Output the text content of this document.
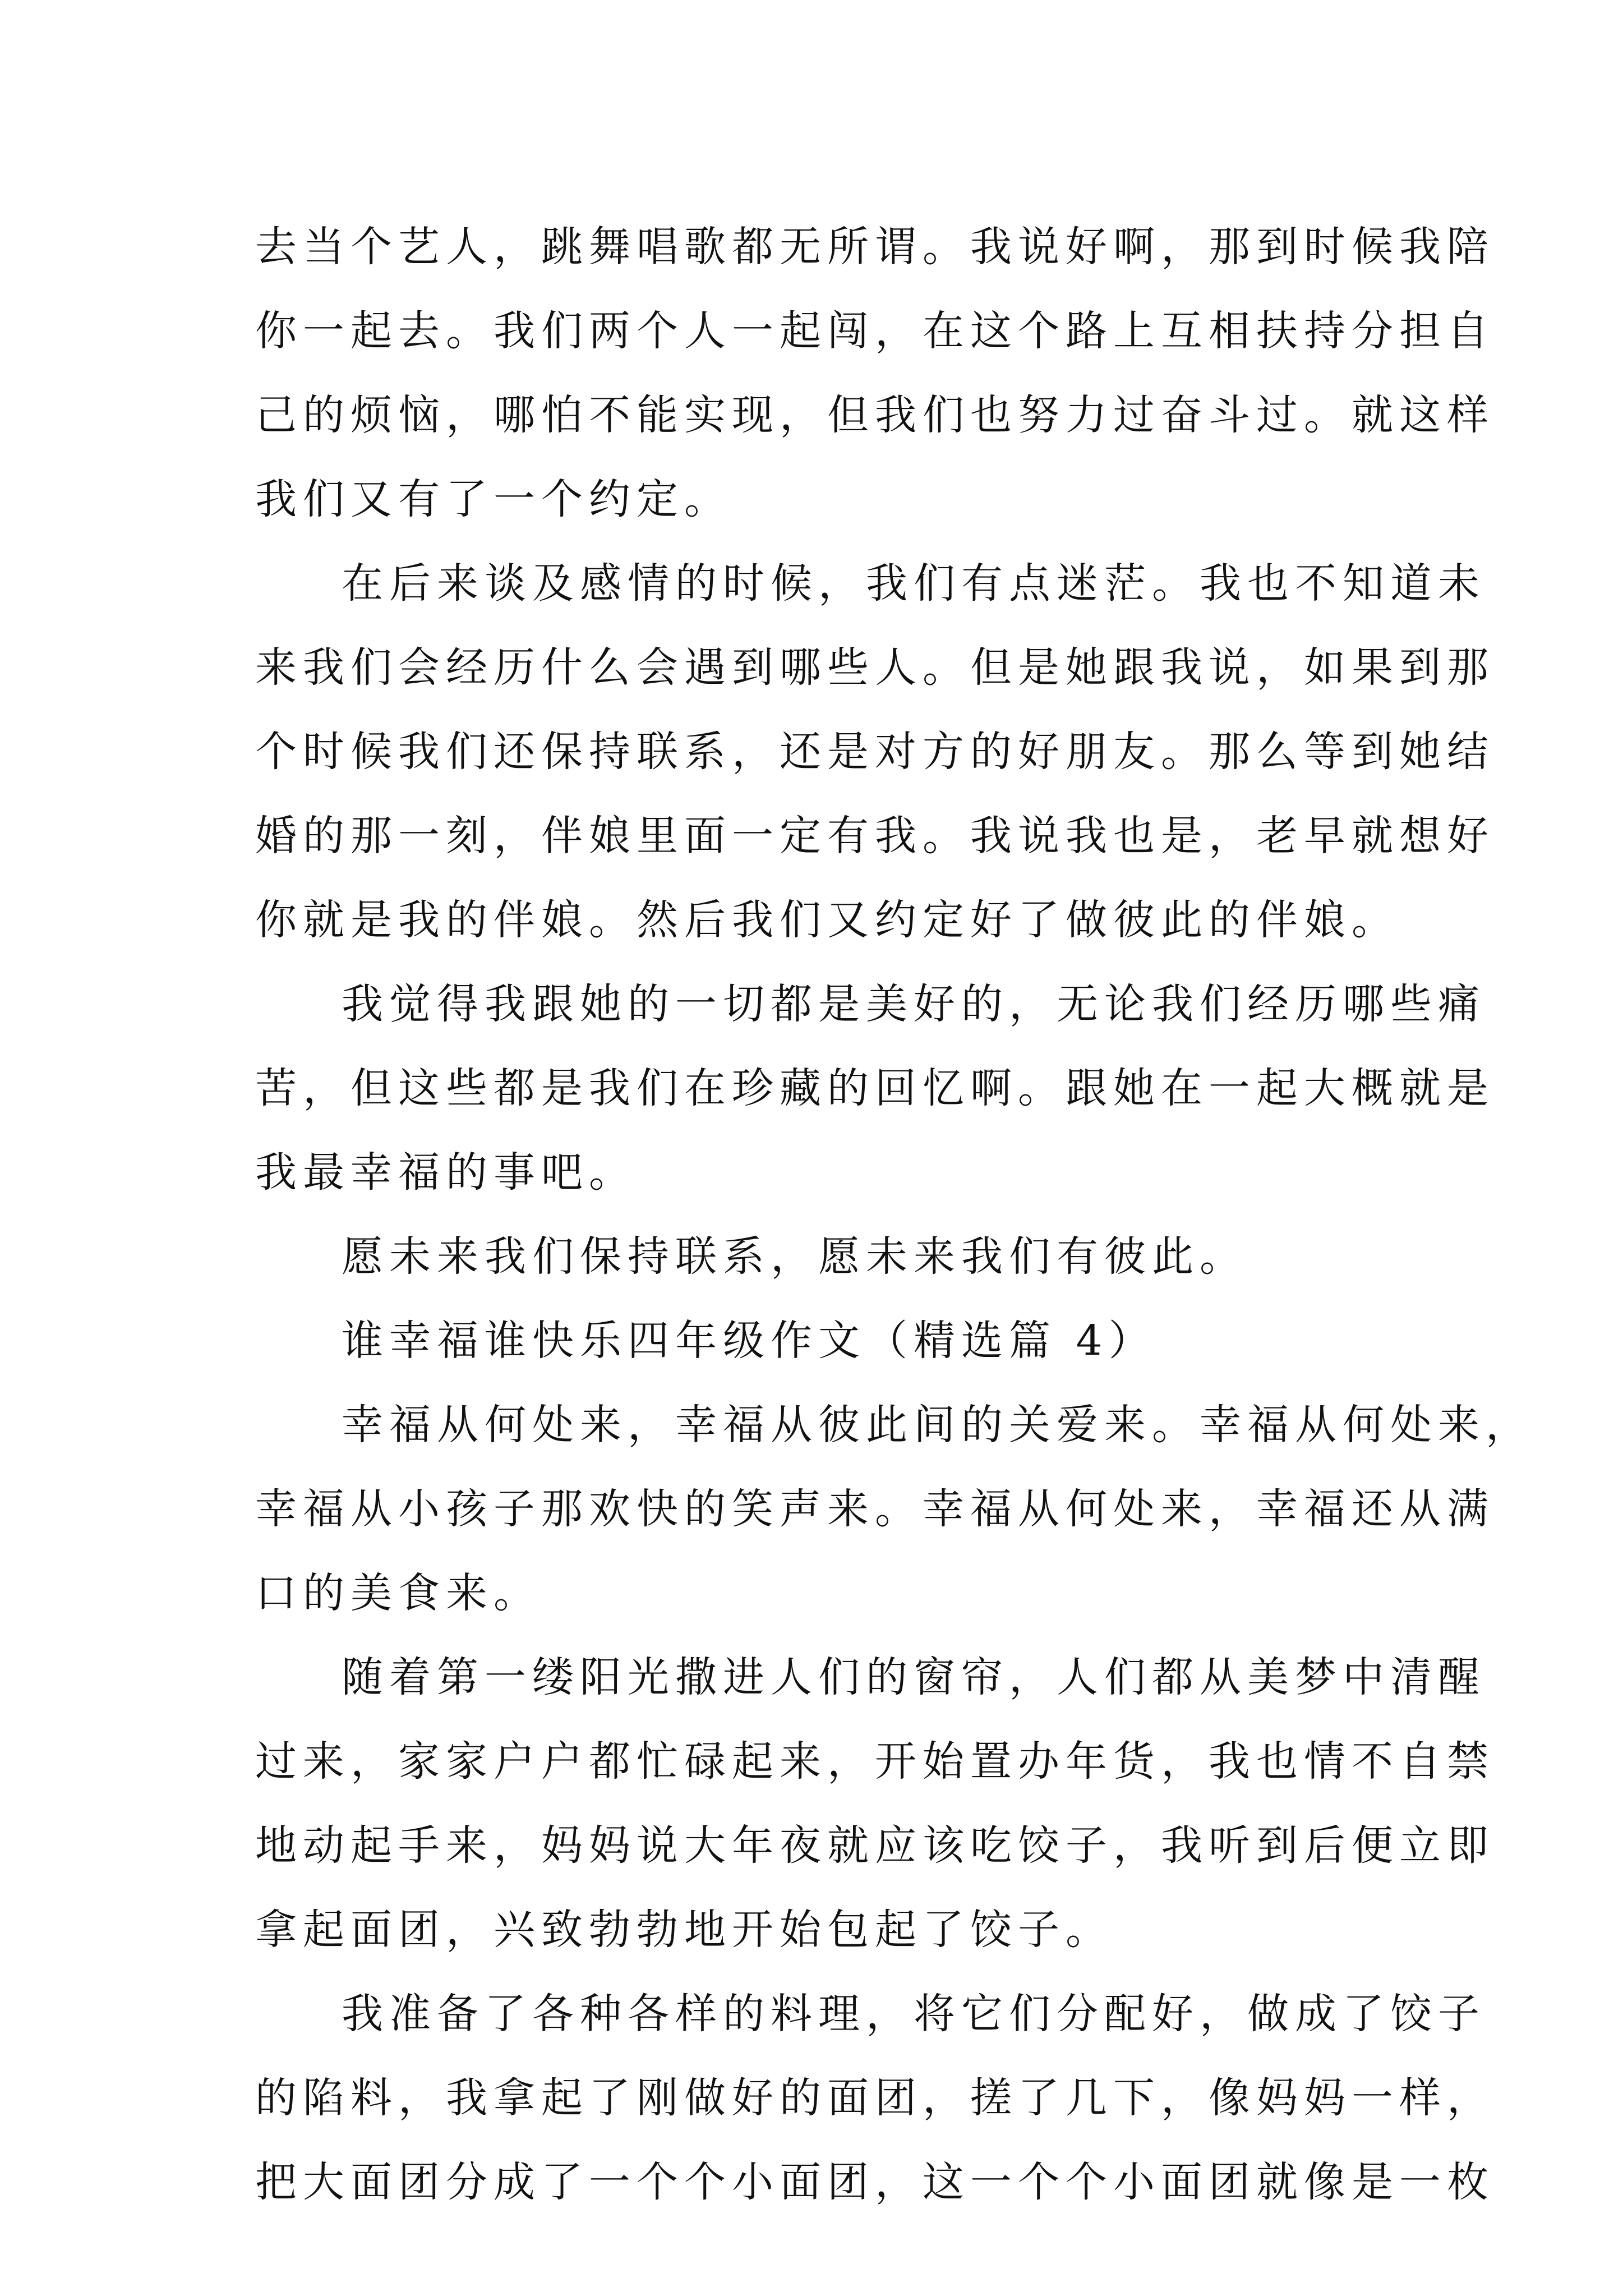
去当个艺人，跳舞唱歌都无所谓。我说好啊，那到时候我陪
你一起去。我们两个人一起闯，在这个路上互相扶持分担自
己的烦恼，哪怕不能实现，但我们也努力过奋斗过。就这样
我们又有了一个约定。
在后来谈及感情的时候，我们有点迷茫。我也不知道未
来我们会经历什么会遇到哪些人。但是她跟我说，如果到那
个时候我们还保持联系，还是对方的好朋友。那么等到她结
婚的那一刻，伴娘里面一定有我。我说我也是，老早就想好
你就是我的伴娘。然后我们又约定好了做彼此的伴娘。
我觉得我跟她的一切都是美好的，无论我们经历哪些痛
苦，但这些都是我们在珍藏的回忆啊。跟她在一起大概就是
我最幸福的事吧。
愿未来我们保持联系，愿未来我们有彼此。
谁幸福谁快乐四年级作文（精选篇 4）
幸福从何处来，幸福从彼此间的关爱来。幸福从何处来，
幸福从小孩子那欢快的笑声来。幸福从何处来，幸福还从满
口的美食来。
随着第一缕阳光撒进人们的窗帘，人们都从美梦中清醒
过来，家家户户都忙碌起来，开始置办年货，我也情不自禁
地动起手来，妈妈说大年夜就应该吃饺子，我听到后便立即
拿起面团，兴致勃勃地开始包起了饺子。
我准备了各种各样的料理，将它们分配好，做成了饺子
的陷料，我拿起了刚做好的面团，搓了几下，像妈妈一样，
把大面团分成了一个个小面团，这一个个小面团就像是一枚
